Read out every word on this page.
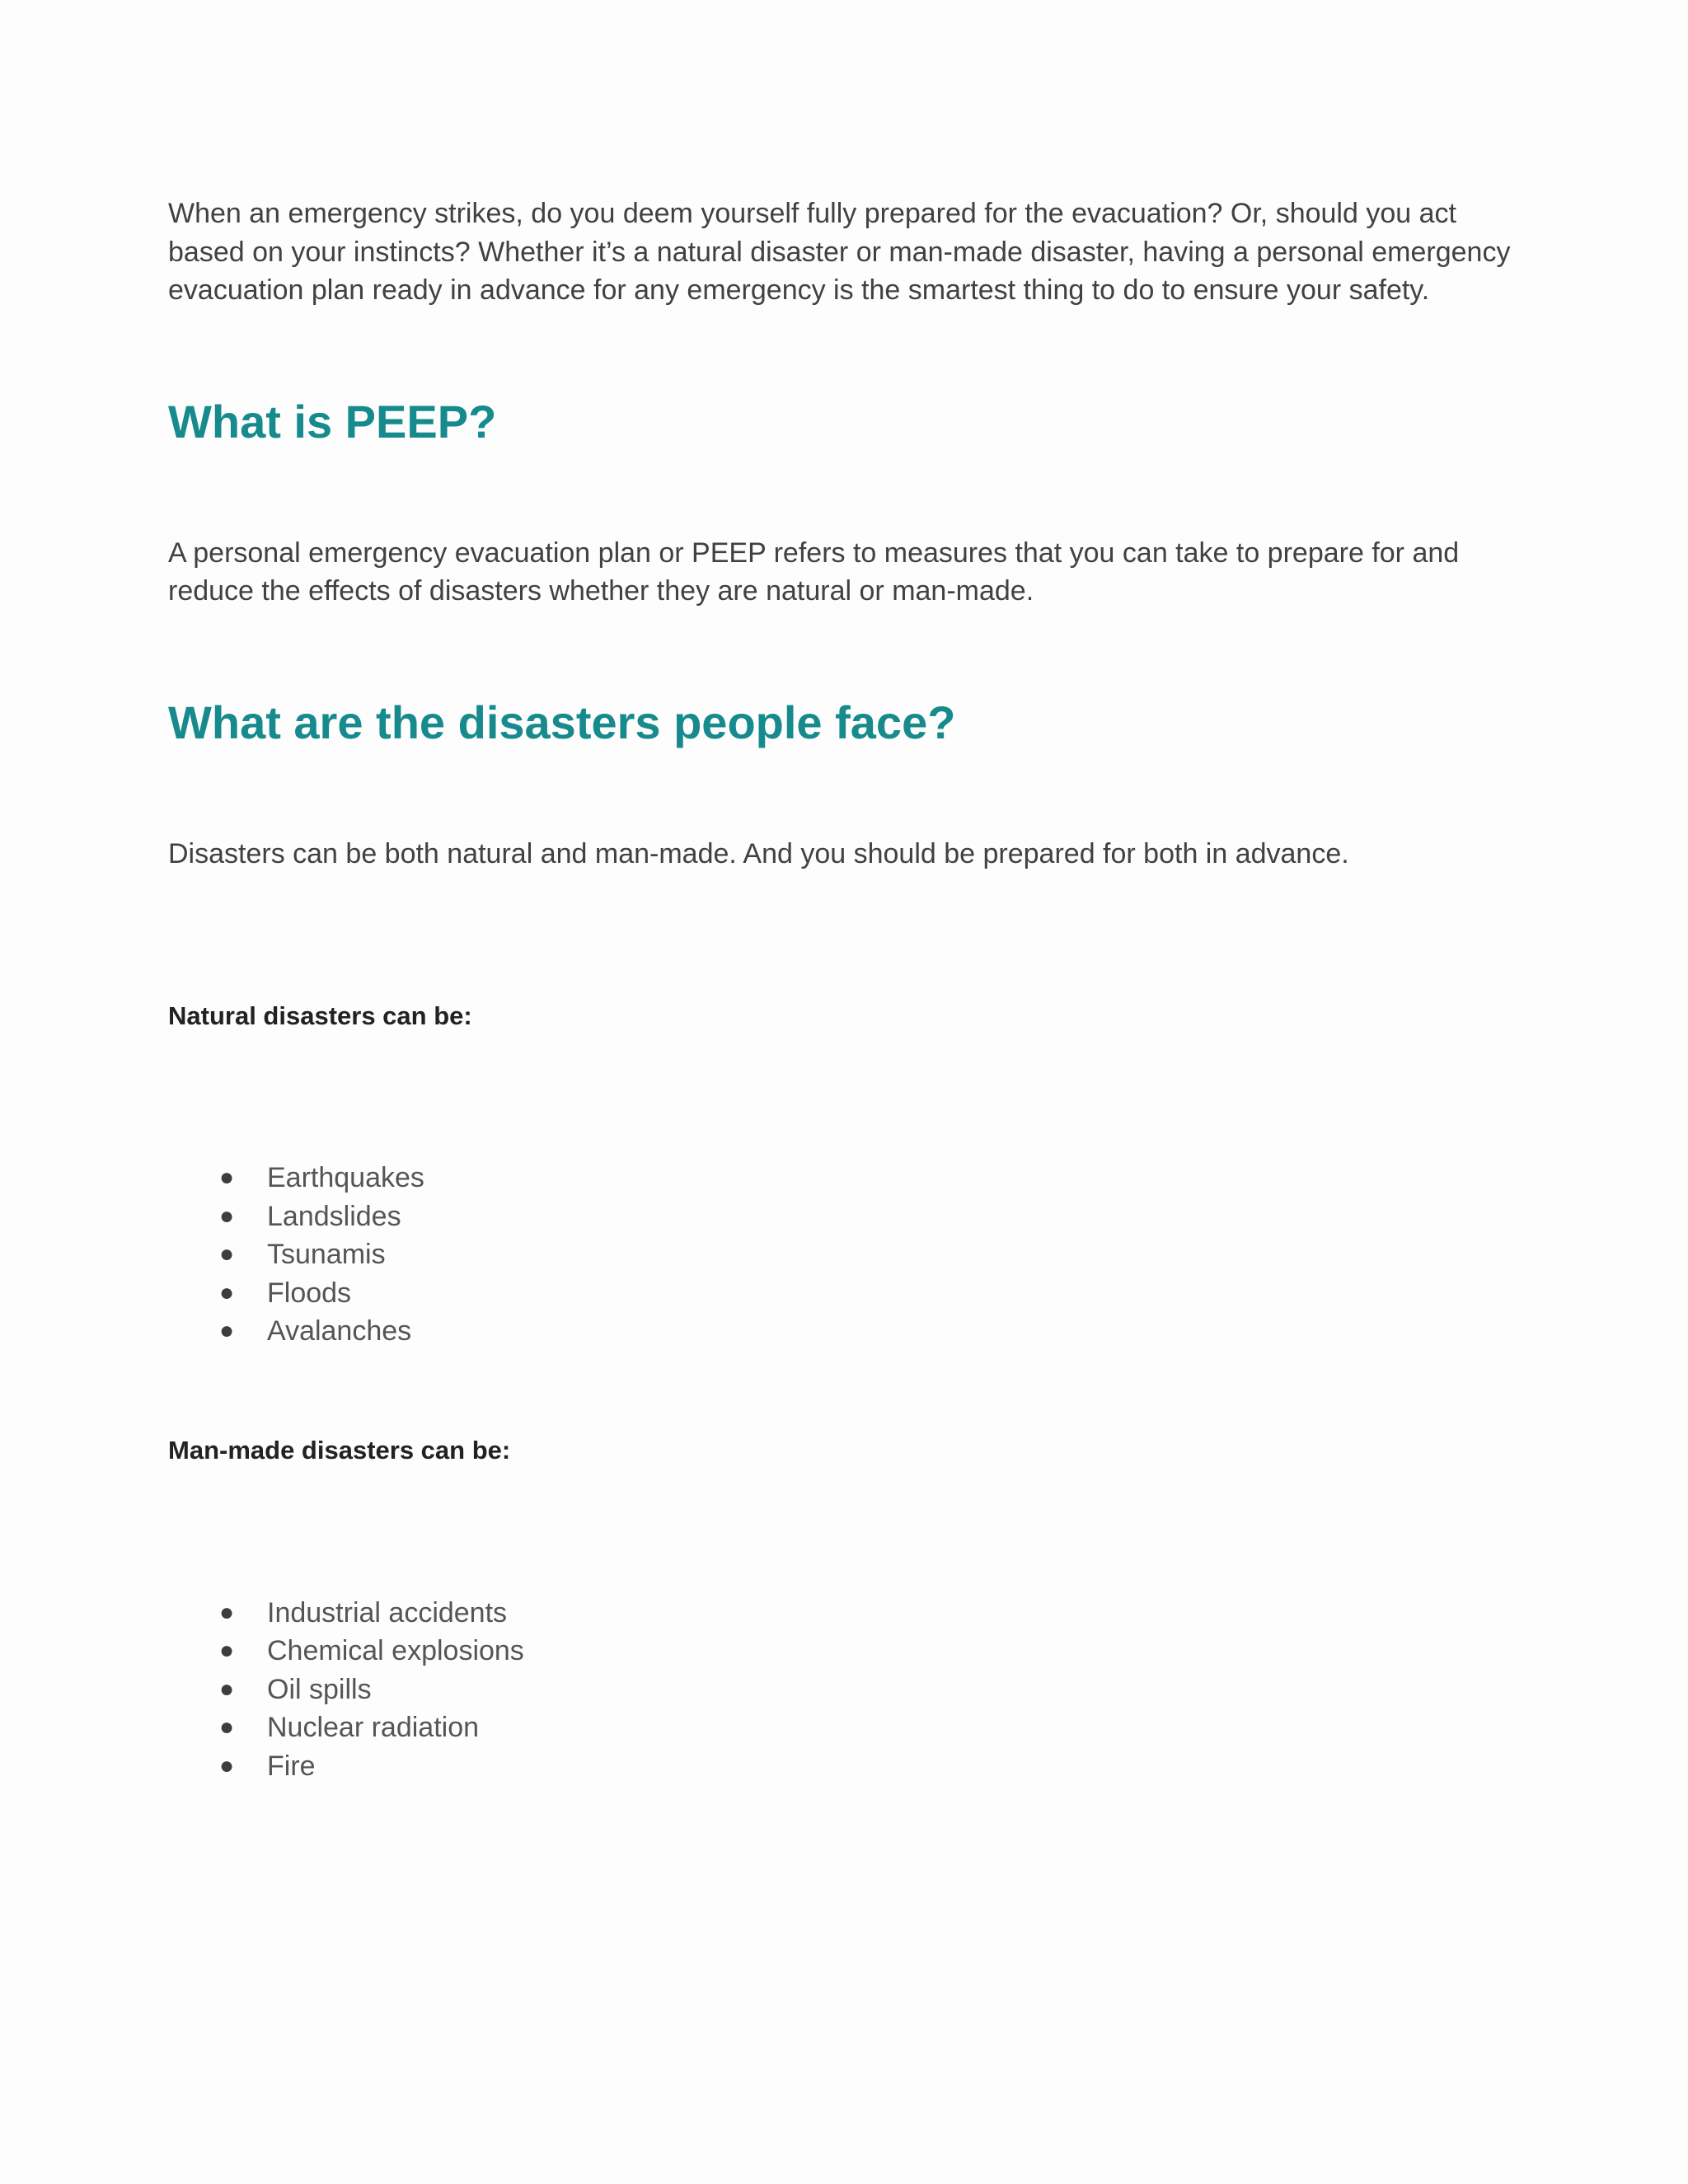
When an emergency strikes, do you deem yourself fully prepared for the evacuation? Or, should you act based on your instincts? Whether it’s a natural disaster or man-made disaster, having a personal emergency evacuation plan ready in advance for any emergency is the smartest thing to do to ensure your safety.

What is PEEP?

A personal emergency evacuation plan or PEEP refers to measures that you can take to prepare for and reduce the effects of disasters whether they are natural or man-made.

What are the disasters people face?

Disasters can be both natural and man-made. And you should be prepared for both in advance.

Natural disasters can be:

● Earthquakes
● Landslides
● Tsunamis
● Floods
● Avalanches

Man-made disasters can be:

● Industrial accidents
● Chemical explosions
● Oil spills
● Nuclear radiation
● Fire
